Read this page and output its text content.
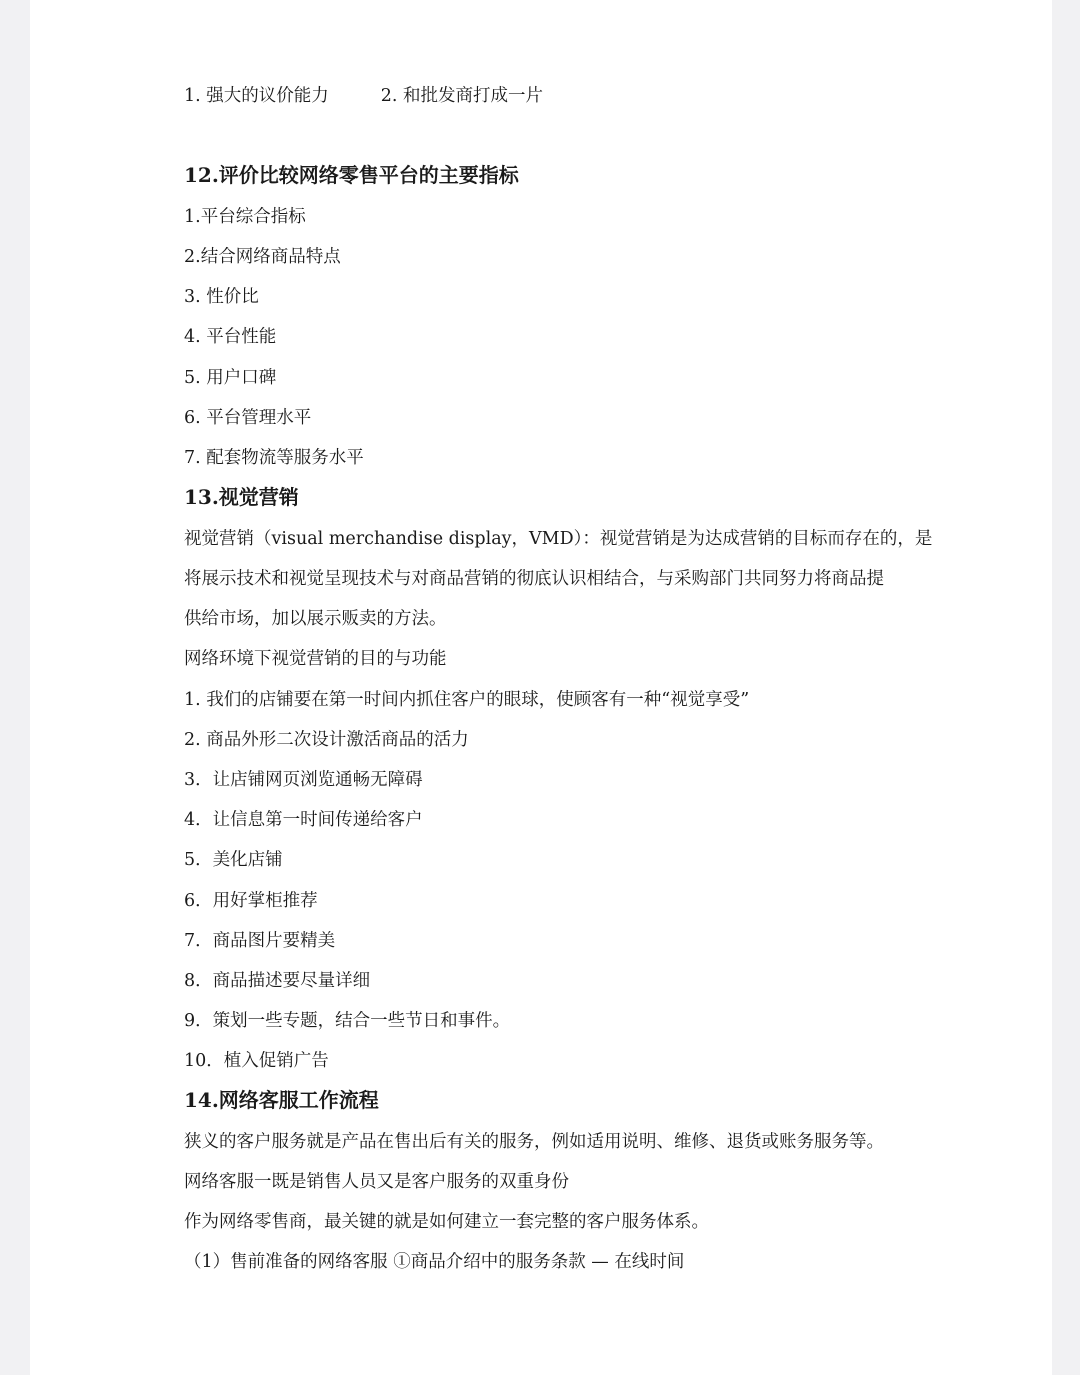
1. 强大的议价能力	2. 和批发商打成一片
12.评价比较网络零售平台的主要指标
1.平台综合指标
2.结合网络商品特点
3. 性价比
4. 平台性能
5. 用户口碑
6. 平台管理水平
7. 配套物流等服务水平
13.视觉营销
视觉营销（visual merchandise display，VMD）：视觉营销是为达成营销的目标而存在的，是
将展示技术和视觉呈现技术与对商品营销的彻底认识相结合，与采购部门共同努力将商品提
供给市场，加以展示贩卖的方法。
网络环境下视觉营销的目的与功能
1. 我们的店铺要在第一时间内抓住客户的眼球，使顾客有一种“视觉享受”
2. 商品外形二次设计激活商品的活力
3．让店铺网页浏览通畅无障碍
4．让信息第一时间传递给客户
5．美化店铺
6．用好掌柜推荐
7．商品图片要精美
8．商品描述要尽量详细
9．策划一些专题，结合一些节日和事件。
10．植入促销广告
14.网络客服工作流程
狭义的客户服务就是产品在售出后有关的服务，例如适用说明、维修、退货或账务服务等。
网络客服一既是销售人员又是客户服务的双重身份
作为网络零售商，最关键的就是如何建立一套完整的客户服务体系。
（1）售前准备的网络客服 ①商品介绍中的服务条款 — 在线时间
